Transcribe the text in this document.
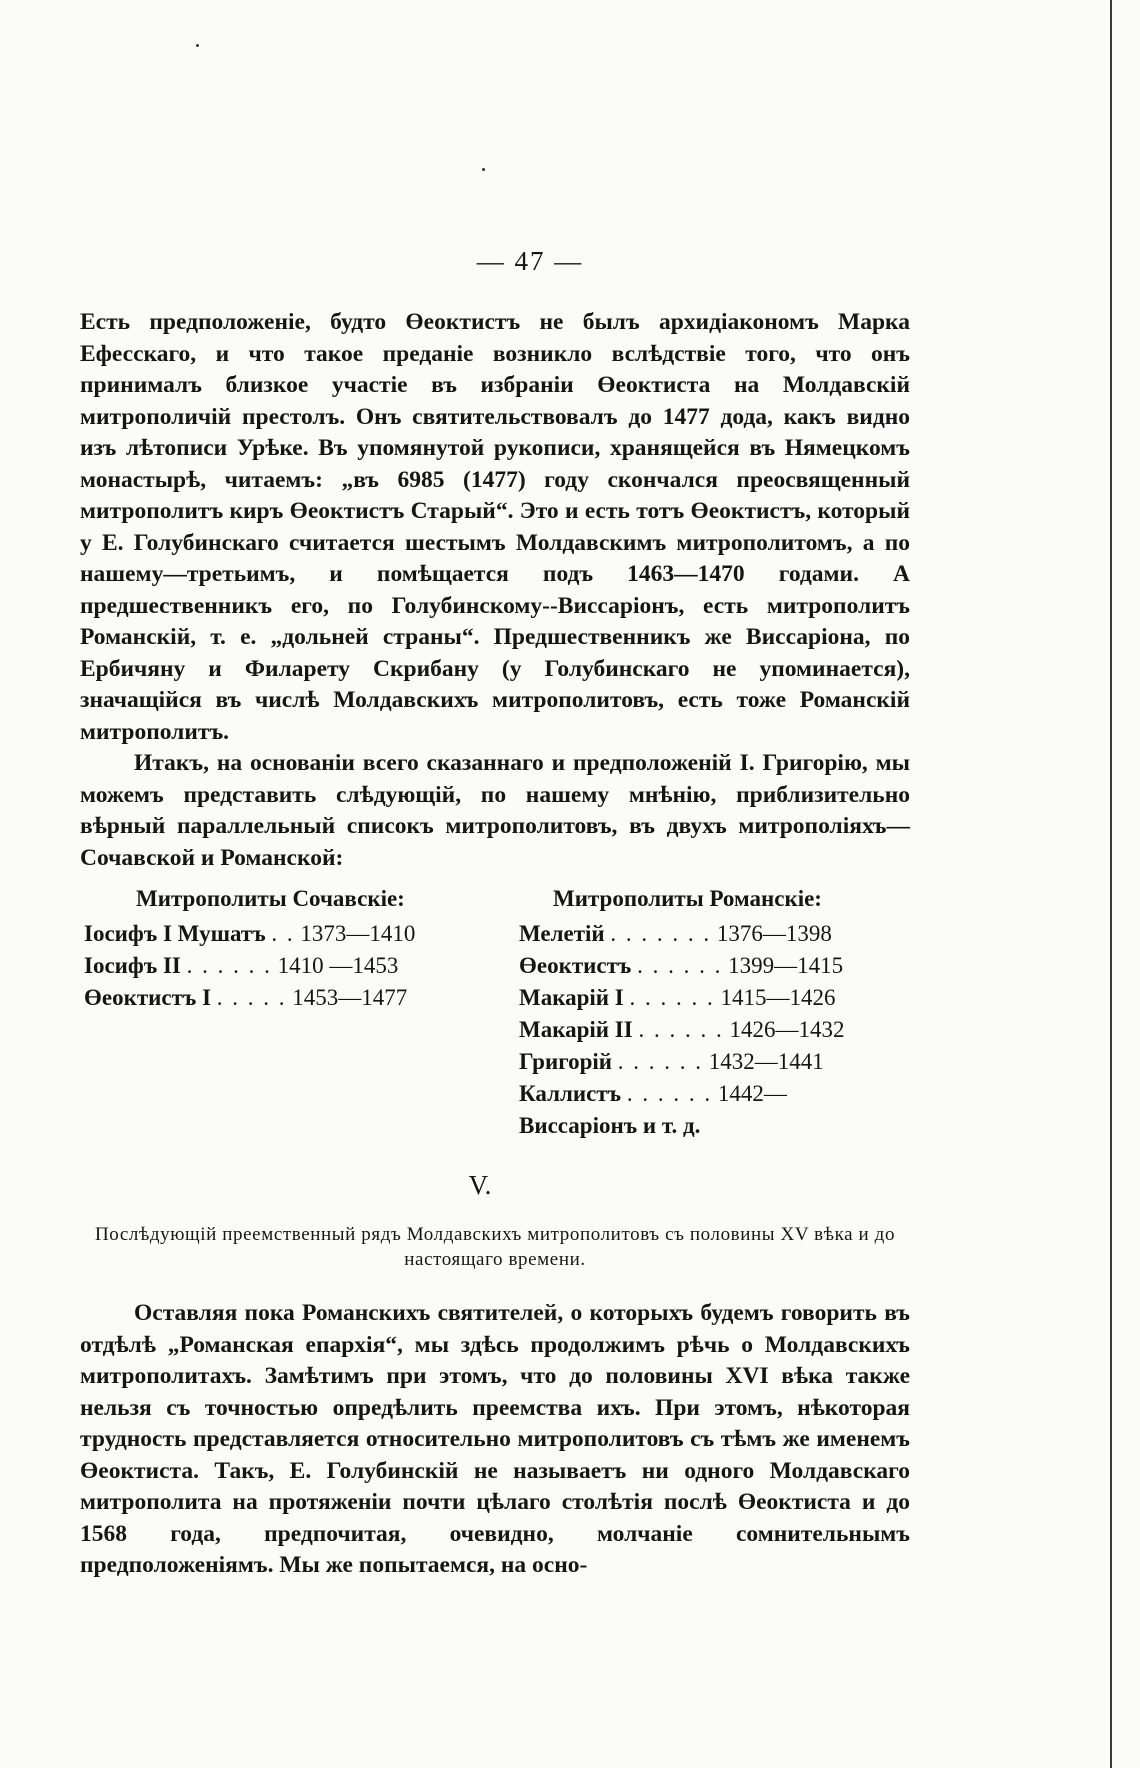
— 47 —

Есть предположеніе, будто Өеоктистъ не былъ архидіакономъ Марка Ефесскаго, и что такое преданіе возникло вслѣдствіе того, что онъ принималъ близкое участіе въ избраніи Өеоктиста на Молдавскій митрополичій престолъ. Онъ святительствовалъ до 1477 дода, какъ видно изъ лѣтописи Урѣке. Въ упомянутой рукописи, хранящейся въ Нямецкомъ монастырѣ, читаемъ: „въ 6985 (1477) году скончался преосвященный митрополитъ киръ Өеоктистъ Старый“. Это и есть тотъ Өеоктистъ, который у Е. Голубинскаго считается шестымъ Молдавскимъ митрополитомъ, а по нашему—третьимъ, и помѣщается подъ 1463—1470 годами. А предшественникъ его, по Голубинскому--Виссаріонъ, есть митрополитъ Романскій, т. е. „дольней страны“. Предшественникъ же Виссаріона, по Ербичяну и Филарету Скрибану (у Голубинскаго не упоминается), значащійся въ числѣ Молдавскихъ митрополитовъ, есть тоже Романскій митрополитъ.

Итакъ, на основаніи всего сказаннаго и предположеній І. Григорію, мы можемъ представить слѣдующій, по нашему мнѣнію, приблизительно вѣрный параллельный списокъ митрополитовъ, въ двухъ митрополіяхъ—Сочавской и Романской:

Митрополиты Сочавскіе:	Митрополиты Романскіе:
Іосифъ І Мушатъ . . 1373—1410
Іосифъ II . . . . . . 1410 —1453
Өеоктистъ І . . . . . 1453—1477
Мелетій . . . . . . . 1376—1398
Өеоктистъ . . . . . . 1399—1415
Макарій І . . . . . . 1415—1426
Макарій II . . . . . . 1426—1432
Григорій . . . . . . 1432—1441
Каллистъ . . . . . . 1442—
Виссаріонъ и т. д.
V.
Послѣдующій преемственный рядъ Молдавскихъ митрополитовъ съ половины XV вѣка и до настоящаго времени.

Оставляя пока Романскихъ святителей, о которыхъ будемъ говорить въ отдѣлѣ „Романская епархія“, мы здѣсь продолжимъ рѣчь о Молдавскихъ митрополитахъ. Замѣтимъ при этомъ, что до половины XVI вѣка также нельзя съ точностью опредѣлить преемства ихъ. При этомъ, нѣкоторая трудность представляется относительно митрополитовъ съ тѣмъ же именемъ Өеоктиста. Такъ, Е. Голубинскій не называетъ ни одного Молдавскаго митрополита на протяженіи почти цѣлаго столѣтія послѣ Өеоктиста и до 1568 года, предпочитая, очевидно, молчаніе сомнительнымъ предположеніямъ. Мы же попытаемся, на осно-
